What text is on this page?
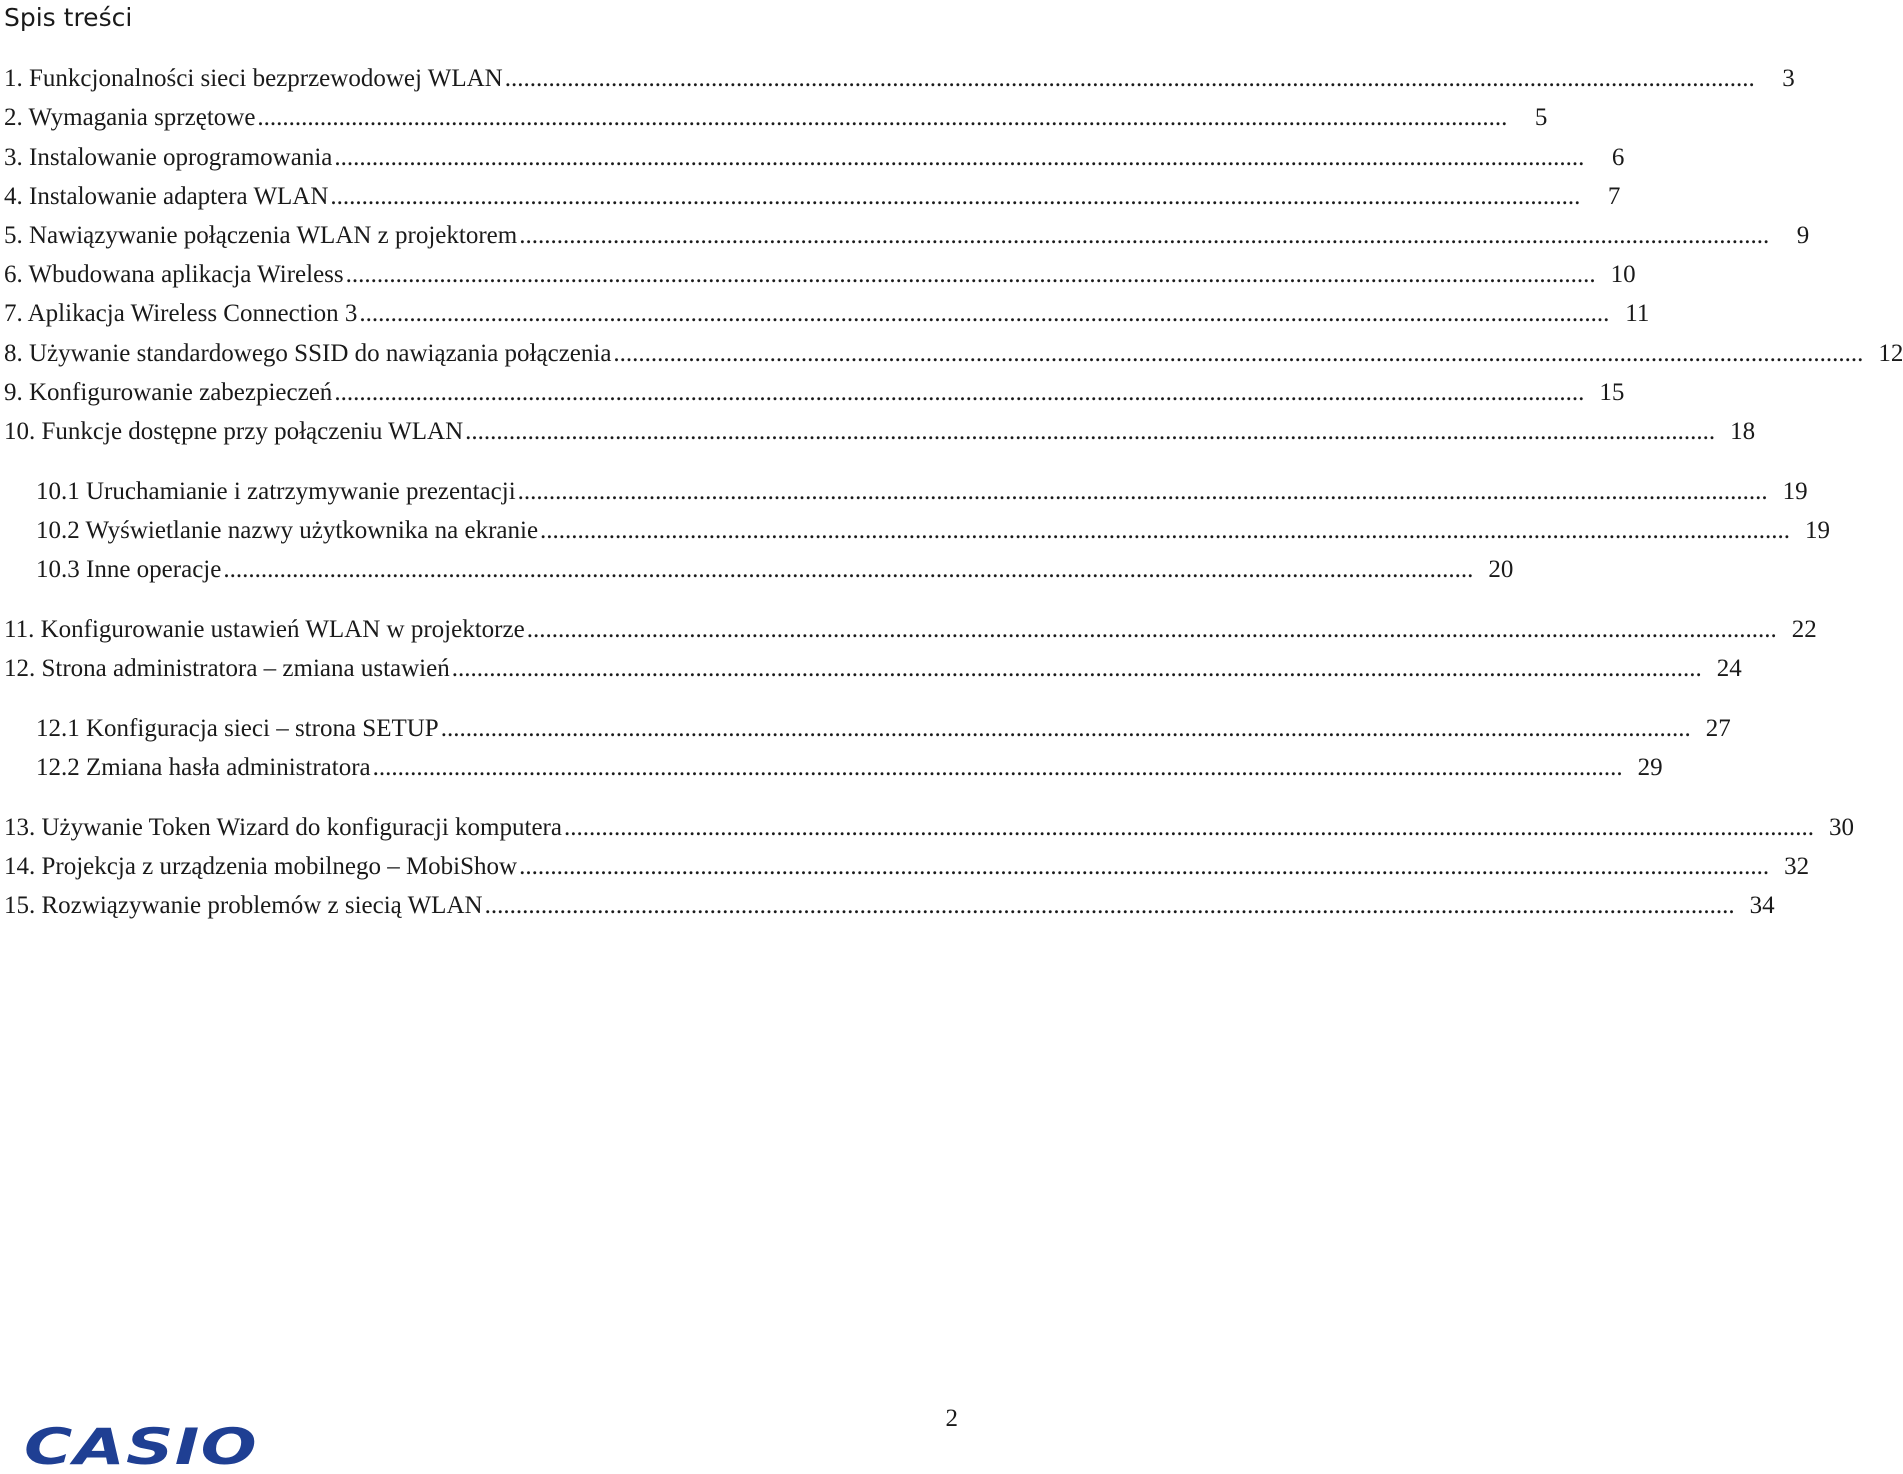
Spis treści
1. Funkcjonalności sieci bezprzewodowej WLAN ........................................................................................................................................................................................................	3
2. Wymagania sprzętowe ........................................................................................................................................................................................................	5
3. Instalowanie oprogramowania ........................................................................................................................................................................................................	6
4. Instalowanie adaptera WLAN ........................................................................................................................................................................................................	7
5. Nawiązywanie połączenia WLAN z projektorem ........................................................................................................................................................................................................	9
6. Wbudowana aplikacja Wireless ........................................................................................................................................................................................................ 10
7. Aplikacja Wireless Connection 3 ........................................................................................................................................................................................................ 11
8. Używanie standardowego SSID do nawiązania połączenia ........................................................................................................................................................................................................ 12
9. Konfigurowanie zabezpieczeń ........................................................................................................................................................................................................ 15
10. Funkcje dostępne przy połączeniu WLAN ........................................................................................................................................................................................................ 18
10.1 Uruchamianie i zatrzymywanie prezentacji ........................................................................................................................................................................................................ 19
10.2 Wyświetlanie nazwy użytkownika na ekranie ........................................................................................................................................................................................................ 19
10.3 Inne operacje ........................................................................................................................................................................................................ 20
11. Konfigurowanie ustawień WLAN w projektorze ........................................................................................................................................................................................................ 22
12. Strona administratora – zmiana ustawień ........................................................................................................................................................................................................ 24
12.1 Konfiguracja sieci – strona SETUP ........................................................................................................................................................................................................ 27
12.2 Zmiana hasła administratora ........................................................................................................................................................................................................ 29
13. Używanie Token Wizard do konfiguracji komputera ........................................................................................................................................................................................................ 30
14. Projekcja z urządzenia mobilnego – MobiShow ........................................................................................................................................................................................................ 32
15. Rozwiązywanie problemów z siecią WLAN ........................................................................................................................................................................................................ 34
2
CASIO
